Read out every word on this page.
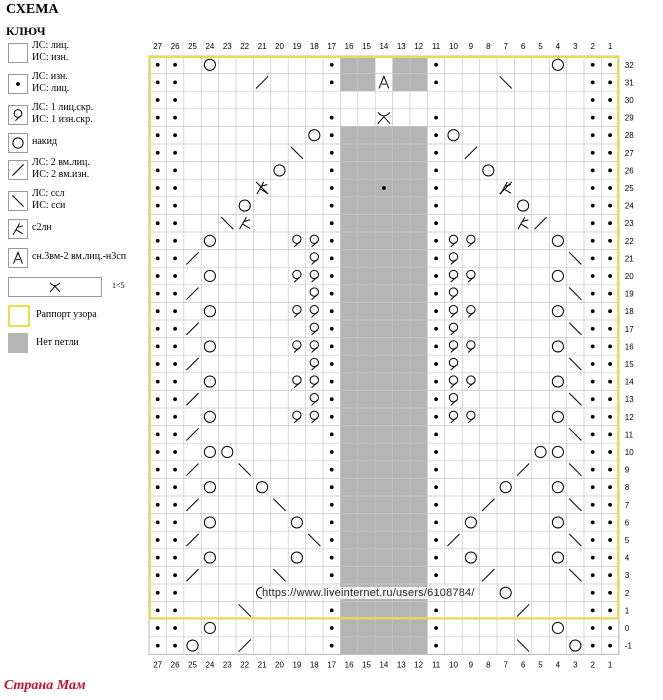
СХЕМА
КЛЮЧ
ЛС: лиц.
ИС: изн.
ЛС: изн.
ИС: лиц.
ЛС: 1 лиц.скр.
ИС: 1 изн.скр.
накид
ЛС: 2 вм.лиц.
ИС: 2 вм.изн.
ЛС: ссл
ИС: сси
с2лн
сн.3вм-2 вм.лиц.-н3сп
1<5
Раппорт узора
Нет петли
27
27
26
26
25
25
24
24
23
23
22
22
21
21
20
20
19
19
18
18
17
17
16
16
15
15
14
14
13
13
12
12
11
11
10
10
9
9
8
8
7
7
6
6
5
5
4
4
3
3
2
2
1
1
32
31
30
29
28
27
26
25
24
23
22
21
20
19
18
17
16
15
14
13
12
11
10
9
8
7
6
5
4
3
2
1
0
-1
https://www.liveinternet.ru/users/6108784/
Страна Мам
